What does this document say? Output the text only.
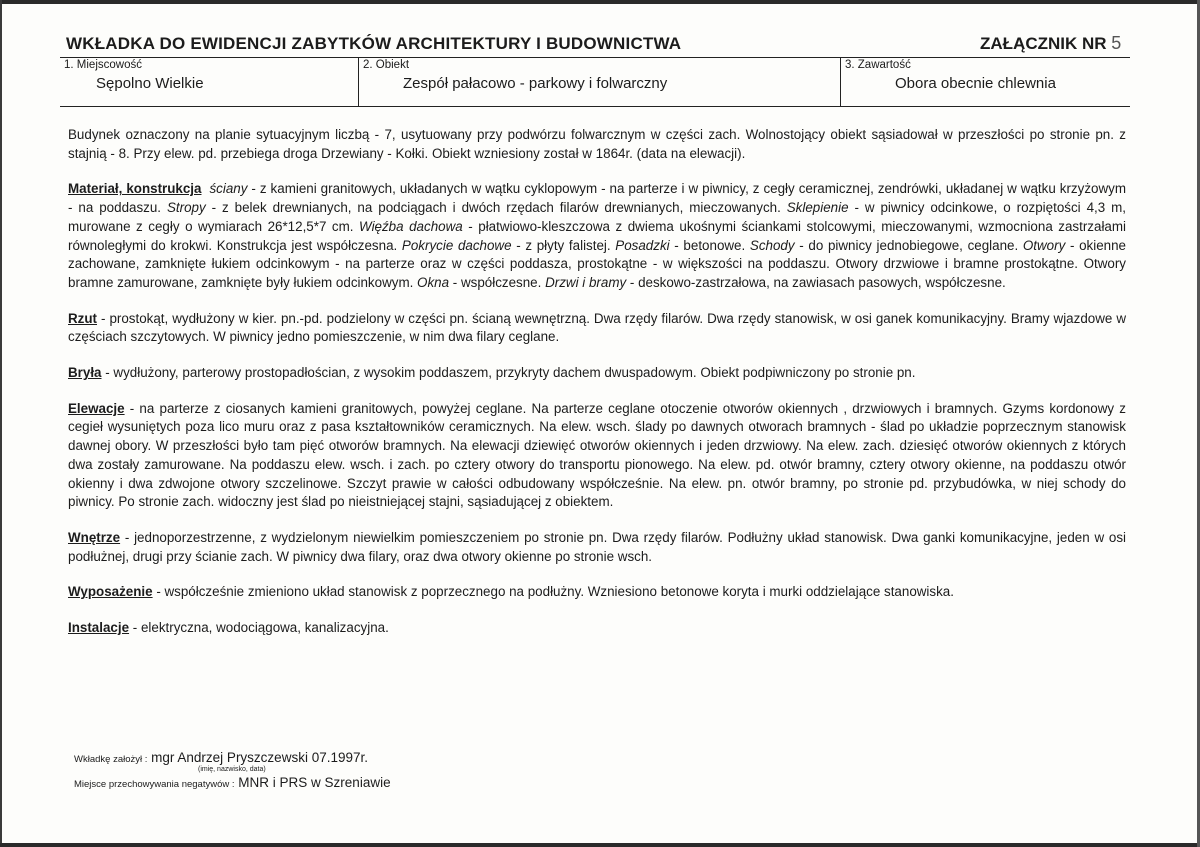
WKŁADKA DO EWIDENCJI ZABYTKÓW ARCHITEKTURY I BUDOWNICTWA	ZAŁĄCZNIK NR 5
1. Miejscowość
Sępolno Wielkie
2. Obiekt
Zespół pałacowo - parkowy i folwarczny
3. Zawartość
Obora obecnie chlewnia

Budynek oznaczony na planie sytuacyjnym liczbą - 7, usytuowany przy podwórzu folwarcznym w części zach. Wolnostojący obiekt sąsiadował w przeszłości po stronie pn. z stajnią - 8. Przy elew. pd. przebiega droga Drzewiany - Kołki. Obiekt wzniesiony został w 1864r. (data na elewacji).

Materiał, konstrukcja ściany - z kamieni granitowych, układanych w wątku cyklopowym - na parterze i w piwnicy, z cegły ceramicznej, zendrówki, układanej w wątku krzyżowym - na poddaszu. Stropy - z belek drewnianych, na podciągach i dwóch rzędach filarów drewnianych, mieczowanych. Sklepienie - w piwnicy odcinkowe, o rozpiętości 4,3 m, murowane z cegły o wymiarach 26*12,5*7 cm. Więźba dachowa - płatwiowo-kleszczowa z dwiema ukośnymi ściankami stolcowymi, mieczowanymi, wzmocniona zastrzałami równoległymi do krokwi. Konstrukcja jest współczesna. Pokrycie dachowe - z płyty falistej. Posadzki - betonowe. Schody - do piwnicy jednobiegowe, ceglane. Otwory - okienne zachowane, zamknięte łukiem odcinkowym - na parterze oraz w części poddasza, prostokątne - w większości na poddaszu. Otwory drzwiowe i bramne prostokątne. Otwory bramne zamurowane, zamknięte były łukiem odcinkowym. Okna - współczesne. Drzwi i bramy - deskowo-zastrzałowa, na zawiasach pasowych, współczesne.

Rzut - prostokąt, wydłużony w kier. pn.-pd. podzielony w części pn. ścianą wewnętrzną. Dwa rzędy filarów. Dwa rzędy stanowisk, w osi ganek komunikacyjny. Bramy wjazdowe w częściach szczytowych. W piwnicy jedno pomieszczenie, w nim dwa filary ceglane.

Bryła - wydłużony, parterowy prostopadłościan, z wysokim poddaszem, przykryty dachem dwuspadowym. Obiekt podpiwniczony po stronie pn.

Elewacje - na parterze z ciosanych kamieni granitowych, powyżej ceglane. Na parterze ceglane otoczenie otworów okiennych , drzwiowych i bramnych. Gzyms kordonowy z cegieł wysuniętych poza lico muru oraz z pasa kształtowników ceramicznych. Na elew. wsch. ślady po dawnych otworach bramnych - ślad po układzie poprzecznym stanowisk dawnej obory. W przeszłości było tam pięć otworów bramnych. Na elewacji dziewięć otworów okiennych i jeden drzwiowy. Na elew. zach. dziesięć otworów okiennych z których dwa zostały zamurowane. Na poddaszu elew. wsch. i zach. po cztery otwory do transportu pionowego. Na elew. pd. otwór bramny, cztery otwory okienne, na poddaszu otwór okienny i dwa zdwojone otwory szczelinowe. Szczyt prawie w całości odbudowany współcześnie. Na elew. pn. otwór bramny, po stronie pd. przybudówka, w niej schody do piwnicy. Po stronie zach. widoczny jest ślad po nieistniejącej stajni, sąsiadującej z obiektem.

Wnętrze - jednoporzestrzenne, z wydzielonym niewielkim pomieszczeniem po stronie pn. Dwa rzędy filarów. Podłużny układ stanowisk. Dwa ganki komunikacyjne, jeden w osi podłużnej, drugi przy ścianie zach. W piwnicy dwa filary, oraz dwa otwory okienne po stronie wsch.

Wyposażenie - współcześnie zmieniono układ stanowisk z poprzecznego na podłużny. Wzniesiono betonowe koryta i murki oddzielające stanowiska.

Instalacje - elektryczna, wodociągowa, kanalizacyjna.

Wkładkę założył : mgr Andrzej Pryszczewski 07.1997r.
(imię, nazwisko, data)
Miejsce przechowywania negatywów : MNR i PRS w Szreniawie
